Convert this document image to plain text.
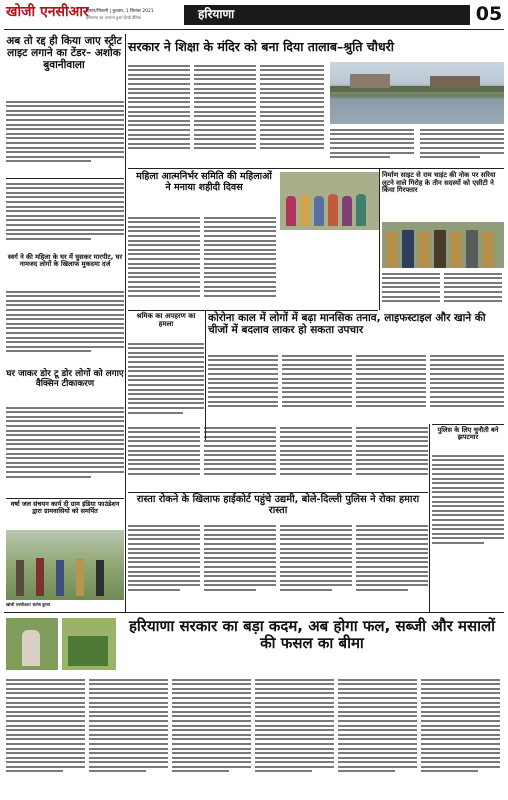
खोजी एनसीआर
हिसार/भिवानी | बुधवार, 1 सितंबर 2021
हरियाणा का उभरता हुआ हिन्दी दैनिक	हरियाणा	05
अब तो रद्द ही किया जाए स्ट्रीट लाइट लगाने का टेंडर– अशोक बुवानीवाला
सरकार ने शिक्षा के मंदिर को बना दिया तालाब–श्रुति चौधरी
महिला आत्मनिर्भर समिति की महिलाओं ने मनाया शहीदी दिवस
निर्माण साइट से राम चाइंट की नोक पर सरिया लूटने वाले गिरोह के तीन सदस्यों को एसीटी ने किया गिरफ्तार
स्वर्ग ने की महिला के घर में घुसकर मारपीट, घर नामजद लोगों के खिलाफ मुकदमा दर्ज
घर जाकर डोर टू डोर लोगों को लगाए वैक्सिन टीकाकरण
श्रमिक का अपहरण का हमला	कोरोना काल में लोगों में बढ़ा मानसिक तनाव, लाइफस्टाइल और खाने की चीजों में बदलाव लाकर हो सकता उपचार
पुलिस के लिए चुनौती बने झपटमार
वर्षा जल संचयन कार्य दी ग्राम इंडिया फाउंडेशन द्वारा ग्रामवासियों को समर्पित
रास्ता रोकने के खिलाफ हाईकोर्ट पहुंचे उद्यमी, बोले-दिल्ली पुलिस ने रोका हमारा रास्ता
खोजी एनसीआर/ संतोष कुमार
हरियाणा सरकार का बड़ा कदम, अब होगा फल, सब्जी और मसालों की फसल का बीमा
